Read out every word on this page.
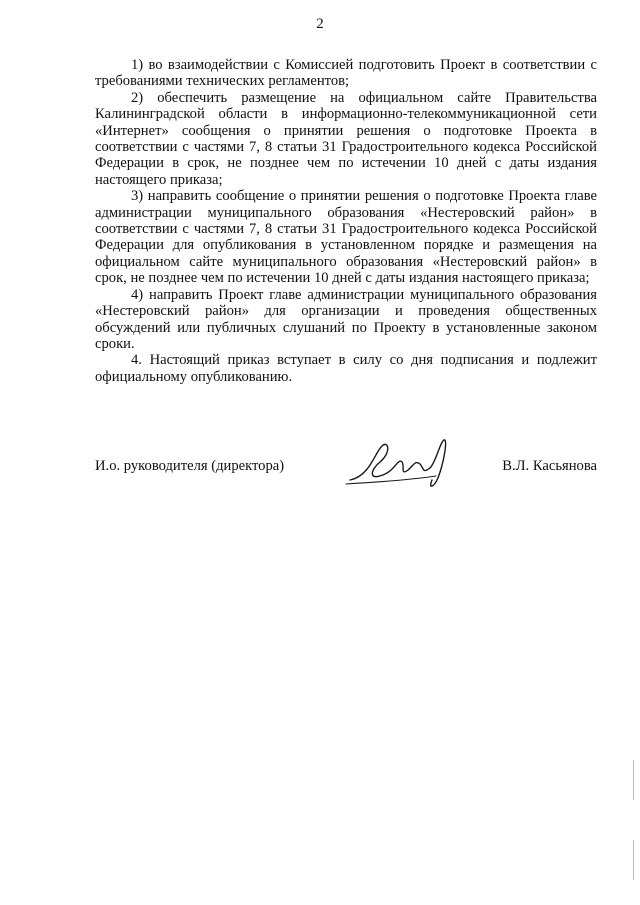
2

1) во взаимодействии с Комиссией подготовить Проект в соответствии с требованиями технических регламентов;

2) обеспечить размещение на официальном сайте Правительства Калининградской области в информационно-телекоммуникационной сети «Интернет» сообщения о принятии решения о подготовке Проекта в соответствии с частями 7, 8 статьи 31 Градостроительного кодекса Российской Федерации в срок, не позднее чем по истечении 10 дней с даты издания настоящего приказа;

3) направить сообщение о принятии решения о подготовке Проекта главе администрации муниципального образования «Нестеровский район» в соответствии с частями 7, 8 статьи 31 Градостроительного кодекса Российской Федерации для опубликования в установленном порядке и размещения на официальном сайте муниципального образования «Нестеровский район» в срок, не позднее чем по истечении 10 дней с даты издания настоящего приказа;

4) направить Проект главе администрации муниципального образования «Нестеровский район» для организации и проведения общественных обсуждений или публичных слушаний по Проекту в установленные законом сроки.

4. Настоящий приказ вступает в силу со дня подписания и подлежит официальному опубликованию.

И.о. руководителя (директора)	В.Л. Касьянова
